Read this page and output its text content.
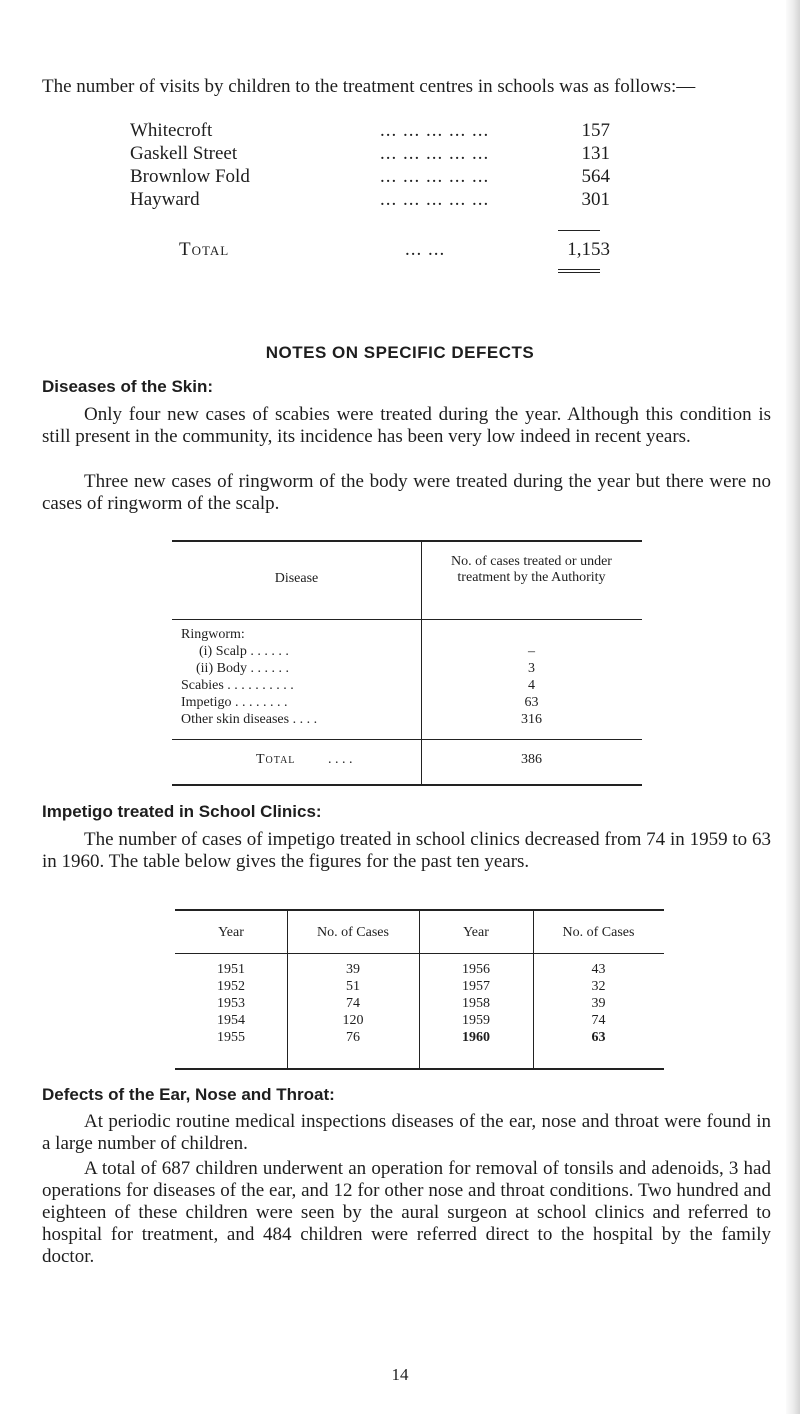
The number of visits by children to the treatment centres in schools was as follows:—

Whitecroft	... ... ... ... ...	157
Gaskell Street	... ... ... ... ...	131
Brownlow Fold	... ... ... ... ...	564
Hayward	... ... ... ... ...	301
Total	... ...	1,153
NOTES ON SPECIFIC DEFECTS
Diseases of the Skin:

Only four new cases of scabies were treated during the year. Although this condition is still present in the community, its incidence has been very low indeed in recent years.

Three new cases of ringworm of the body were treated during the year but there were no cases of ringworm of the scalp.

Disease
No. of cases treated or under treatment by the Authority
Ringworm:
(i) Scalp . . . . . .	–
(ii) Body . . . . . .	3
Scabies . . . . . . . . . .	4
Impetigo . . . . . . . .	63
Other skin diseases . . . .	316
Total . . . .	386
Impetigo treated in School Clinics:

The number of cases of impetigo treated in school clinics decreased from 74 in 1959 to 63 in 1960. The table below gives the figures for the past ten years.

Year	No. of Cases	Year	No. of Cases
1951	39	1956	43
1952	51	1957	32
1953	74	1958	39
1954	120	1959	74
1955	76	1960	63
Defects of the Ear, Nose and Throat:

At periodic routine medical inspections diseases of the ear, nose and throat were found in a large number of children.

A total of 687 children underwent an operation for removal of tonsils and adenoids, 3 had operations for diseases of the ear, and 12 for other nose and throat conditions. Two hundred and eighteen of these children were seen by the aural surgeon at school clinics and referred to hospital for treatment, and 484 children were referred direct to the hospital by the family doctor.

14
